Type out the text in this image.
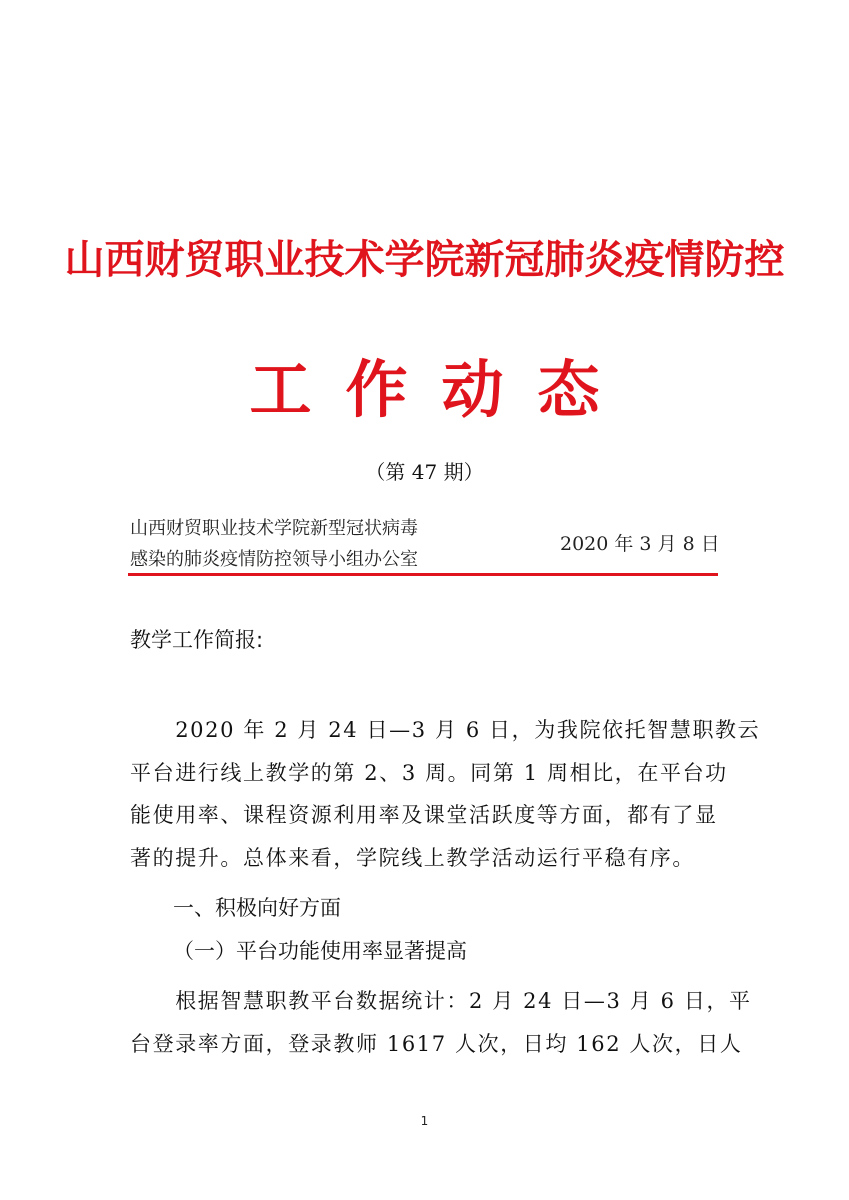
山西财贸职业技术学院新冠肺炎疫情防控
工作动态
（第 47 期）
山西财贸职业技术学院新型冠状病毒
感染的肺炎疫情防控领导小组办公室
2020 年 3 月 8 日
教学工作简报:
　　2020 年 2 月 24 日—3 月 6 日，为我院依托智慧职教云
平台进行线上教学的第 2、3 周。同第 1 周相比，在平台功
能使用率、课程资源利用率及课堂活跃度等方面，都有了显
著的提升。总体来看，学院线上教学活动运行平稳有序。
一、积极向好方面
（一）平台功能使用率显著提高
　　根据智慧职教平台数据统计：2 月 24 日—3 月 6 日，平
台登录率方面，登录教师 1617 人次，日均 162 人次，日人
1
